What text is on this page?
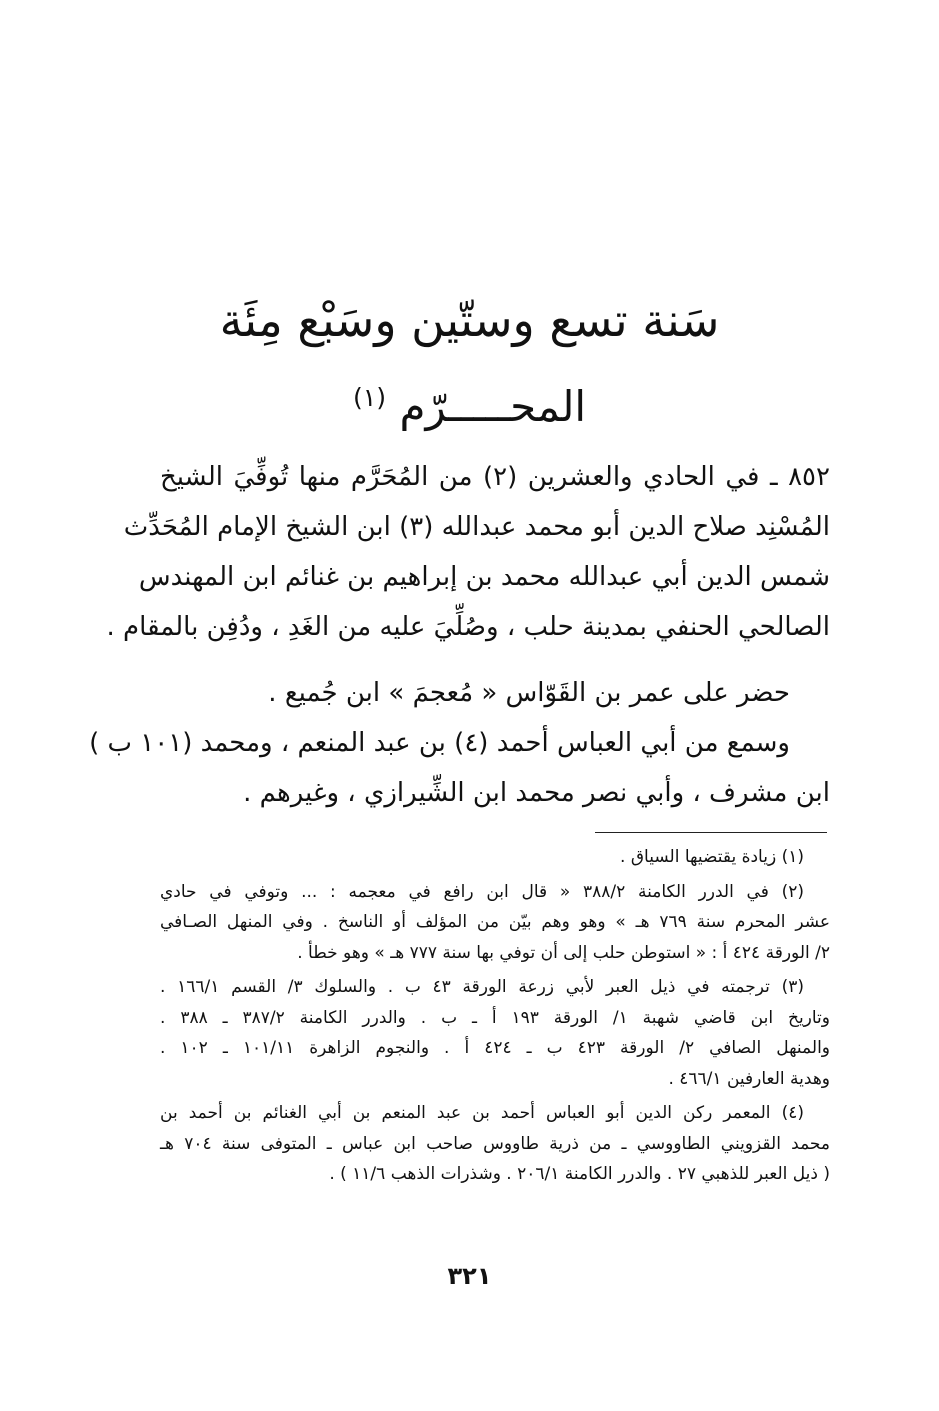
سَنة تسع وستّين وسَبْع مِئَة
المحـــــرّم $^{(١)}$
٨٥٢ ـ في الحادي والعشرين (٢) من المُحَرَّم منها تُوفِّيَ الشيخ
المُسْنِد صلاح الدين أبو محمد عبدالله (٣) ابن الشيخ الإمام المُحَدِّث
شمس الدين أبي عبدالله محمد بن إبراهيم بن غنائم ابن المهندس
الصالحي الحنفي بمدينة حلب ، وصُلِّيَ عليه من الغَدِ ، ودُفِن بالمقام .
حضر على عمر بن القَوّاس « مُعجمَ » ابن جُميع .
وسمع من أبي العباس أحمد (٤) بن عبد المنعم ، ومحمد (١٠١ ب )
ابن مشرف ، وأبي نصر محمد ابن الشِّيرازي ، وغيرهم .
(١) زيادة يقتضيها السياق .
(٢) في الدرر الكامنة ٣٨٨/٢ « قال ابن رافع في معجمه : ... وتوفي في حادي
عشر المحرم سنة ٧٦٩ هـ » وهو وهم بيّن من المؤلف أو الناسخ . وفي المنهل الصـافي
٢/ الورقة ٤٢٤ أ : « استوطن حلب إلى أن توفي بها سنة ٧٧٧ هـ » وهو خطأ .
(٣) ترجمته في ذيل العبر لأبي زرعة الورقة ٤٣ ب . والسلوك ٣/ القسم ١٦٦/١ .
وتاريخ ابن قاضي شهبة ١/ الورقة ١٩٣ أ ـ ب . والدرر الكامنة ٣٨٧/٢ ـ ٣٨٨ .
والمنهل الصافي ٢/ الورقة ٤٢٣ ب ـ ٤٢٤ أ . والنجوم الزاهرة ١٠١/١١ ـ ١٠٢ .
وهدية العارفين ٤٦٦/١ .
(٤) المعمر ركن الدين أبو العباس أحمد بن عبد المنعم بن أبي الغنائم بن أحمد بن
محمد القزويني الطاووسي ـ من ذرية طاووس صاحب ابن عباس ـ المتوفى سنة ٧٠٤ هـ
( ذيل العبر للذهبي ٢٧ . والدرر الكامنة ٢٠٦/١ . وشذرات الذهب ١١/٦ ) .
٣٢١
